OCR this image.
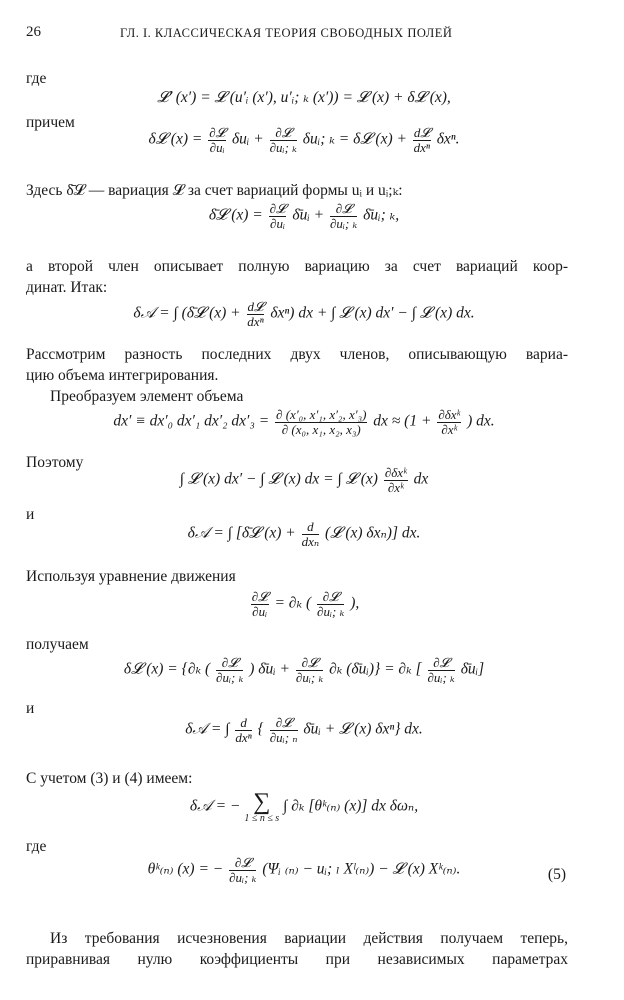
26	ГЛ. I. КЛАССИЧЕСКАЯ ТЕОРИЯ СВОБОДНЫХ ПОЛЕЙ
где
𝓛′ (x′) = 𝓛 (u′ᵢ (x′), u′ᵢ; ₖ (x′)) = 𝓛 (x) + δ𝓛 (x),
причем
δ𝓛 $(x) = \frac{\text{∂𝓛}}{\text{∂uᵢ}}$ δuᵢ + $\frac{\text{∂𝓛}}{\text{∂uᵢ; ₖ}}$ δuᵢ; ₖ = δ𝓛 $(x) + \frac{\text{d𝓛}}{\text{dxⁿ}} \delta x^n$.
Здесь δ̄𝓛 — вариация 𝓛 за счет вариаций формы uᵢ и uᵢ;ₖ:
δ̄𝓛 $(x) = \frac{\text{∂𝓛}}{\text{∂uᵢ}}$ δ̄uᵢ + $\frac{\text{∂𝓛}}{\text{∂uᵢ; ₖ}}$ δ̄uᵢ; ₖ,
а второй член описывает полную вариацию за счет вариаций коор-
динат. Итак:
δ𝒜 = ∫ (δ̄𝓛 $(x) + \frac{\text{d𝓛}}{\text{dxⁿ}} \delta x^n$) dx + ∫ 𝓛 (x) dx′ − ∫ 𝓛 (x) dx.
Рассмотрим разность последних двух членов, описывающую вариа-
цию объема интегрирования.
Преобразуем элемент объема
dx′ ≡ dx′₀ dx′₁ dx′₂ $dx'_3 = \frac{\text{∂ (x′₀, x′₁, x′₂, x′₃)}}{\text{∂ (x₀, x₁, x₂, x₃)}}$ dx ≈ ($1 + \frac{\text{∂δxᵏ}}{\text{∂xᵏ}}$ ) dx.
Поэтому
∫ 𝓛 (x) dx′ − ∫ 𝓛 (x) dx = ∫ 𝓛 $(x) \frac{\text{∂δxᵏ}}{\text{∂xᵏ}}$ dx
и
δ𝒜 = ∫ [δ̄𝓛 $(x) + \frac{d}{\text{dxₙ}}$ (𝓛 (x) δxₙ)] dx.
Используя уравнение движения
$\frac{\text{∂𝓛}}{\text{∂uᵢ}} = \partial_k$ ( $\frac{\text{∂𝓛}}{\text{∂uᵢ; ₖ}}$ ),
получаем
δ𝓛 (x) = {∂ₖ ( $\frac{\text{∂𝓛}}{\text{∂uᵢ; ₖ}}$ ) δ̄uᵢ + $\frac{\text{∂𝓛}}{\text{∂uᵢ; ₖ}} \partial_k$ (δ̄uᵢ)} = ∂ₖ [ $\frac{\text{∂𝓛}}{\text{∂uᵢ; ₖ}}$ δ̄uᵢ]
и
δ𝒜 = ∫ $\frac{d}{\text{dxⁿ}}$ { $\frac{\text{∂𝓛}}{\text{∂uᵢ; ₙ}}$ δ̄uᵢ + 𝓛 (x) δxⁿ} dx.
С учетом (3) и (4) имеем:
δ𝒜 = − ∑
1 ≤ n ≤ s
∫ ∂ₖ [θᵏ₍ₙ₎ (x)] dx δωₙ,
где
θᵏ₍ₙ₎ (x) = − $\frac{\text{∂𝓛}}{\text{∂uᵢ; ₖ}}$ (Ψᵢ ₍ₙ₎ − uᵢ; ₗ Xˡ₍ₙ₎) − 𝓛 (x) Xᵏ₍ₙ₎.	(5)
Из требования исчезновения вариации действия получаем теперь,
приравнивая нулю коэффициенты при независимых параметрах
